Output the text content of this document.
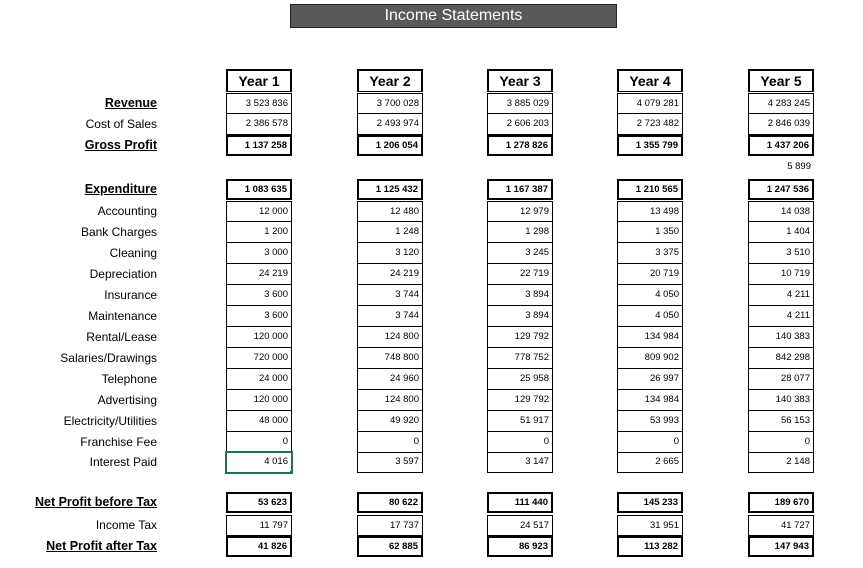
Income Statements
Revenue
Cost of Sales
Gross Profit
Expenditure
Accounting
Bank Charges
Cleaning
Depreciation
Insurance
Maintenance
Rental/Lease
Salaries/Drawings
Telephone
Advertising
Electricity/Utilities
Franchise Fee
Interest Paid
Net Profit before Tax
Income Tax
Net Profit after Tax
Year 1
3 523 836
2 386 578
1 137 258
1 083 635
12 000
1 200
3 000
24 219
3 600
3 600
120 000
720 000
24 000
120 000
48 000
0
4 016
53 623
11 797
41 826
Year 2
3 700 028
2 493 974
1 206 054
1 125 432
12 480
1 248
3 120
24 219
3 744
3 744
124 800
748 800
24 960
124 800
49 920
0
3 597
80 622
17 737
62 885
Year 3
3 885 029
2 606 203
1 278 826
1 167 387
12 979
1 298
3 245
22 719
3 894
3 894
129 792
778 752
25 958
129 792
51 917
0
3 147
111 440
24 517
86 923
Year 4
4 079 281
2 723 482
1 355 799
1 210 565
13 498
1 350
3 375
20 719
4 050
4 050
134 984
809 902
26 997
134 984
53 993
0
2 665
145 233
31 951
113 282
Year 5
4 283 245
2 846 039
1 437 206
1 247 536
14 038
1 404
3 510
10 719
4 211
4 211
140 383
842 298
28 077
140 383
56 153
0
2 148
189 670
41 727
147 943
5 899
